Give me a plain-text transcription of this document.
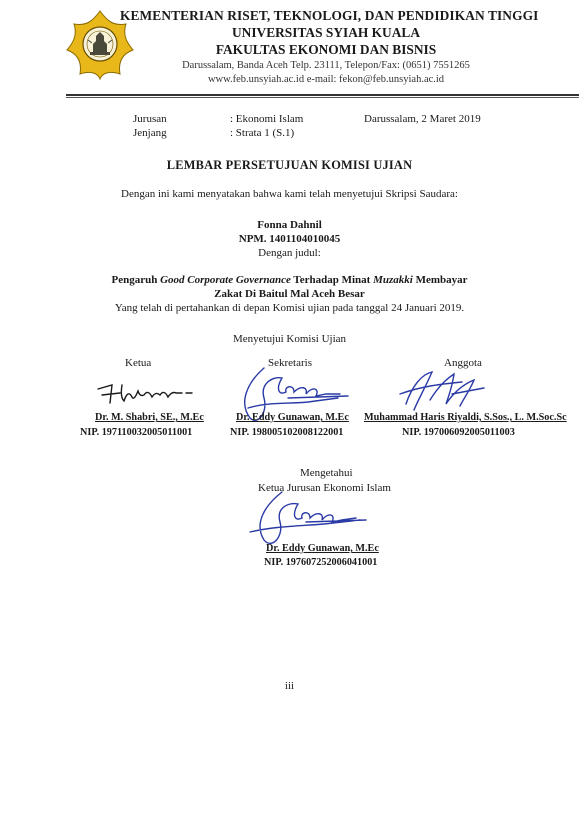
KEMENTERIAN RISET, TEKNOLOGI, DAN PENDIDIKAN TINGGI
UNIVERSITAS SYIAH KUALA
FAKULTAS EKONOMI DAN BISNIS
Darussalam, Banda Aceh Telp. 23111, Telepon/Fax: (0651) 7551265
www.feb.unsyiah.ac.id e-mail: fekon@feb.unsyiah.ac.id
Jurusan	: Ekonomi Islam
Jenjang	: Strata 1 (S.1)
Darussalam, 2 Maret 2019
LEMBAR PERSETUJUAN KOMISI UJIAN
Dengan ini kami menyatakan bahwa kami telah menyetujui Skripsi Saudara:
Fonna Dahnil
NPM. 1401104010045
Dengan judul:
Pengaruh Good Corporate Governance Terhadap Minat Muzakki Membayar
Zakat Di Baitul Mal Aceh Besar
Yang telah di pertahankan di depan Komisi ujian pada tanggal 24 Januari 2019.
Menyetujui Komisi Ujian
Ketua	Sekretaris	Anggota
Dr. M. Shabri, SE., M.Ec
NIP. 197110032005011001
Dr. Eddy Gunawan, M.Ec
NIP. 198005102008122001
Muhammad Haris Riyaldi, S.Sos., L. M.Soc.Sc
NIP. 197006092005011003
Mengetahui
Ketua Jurusan Ekonomi Islam
Dr. Eddy Gunawan, M.Ec
NIP. 197607252006041001
iii
